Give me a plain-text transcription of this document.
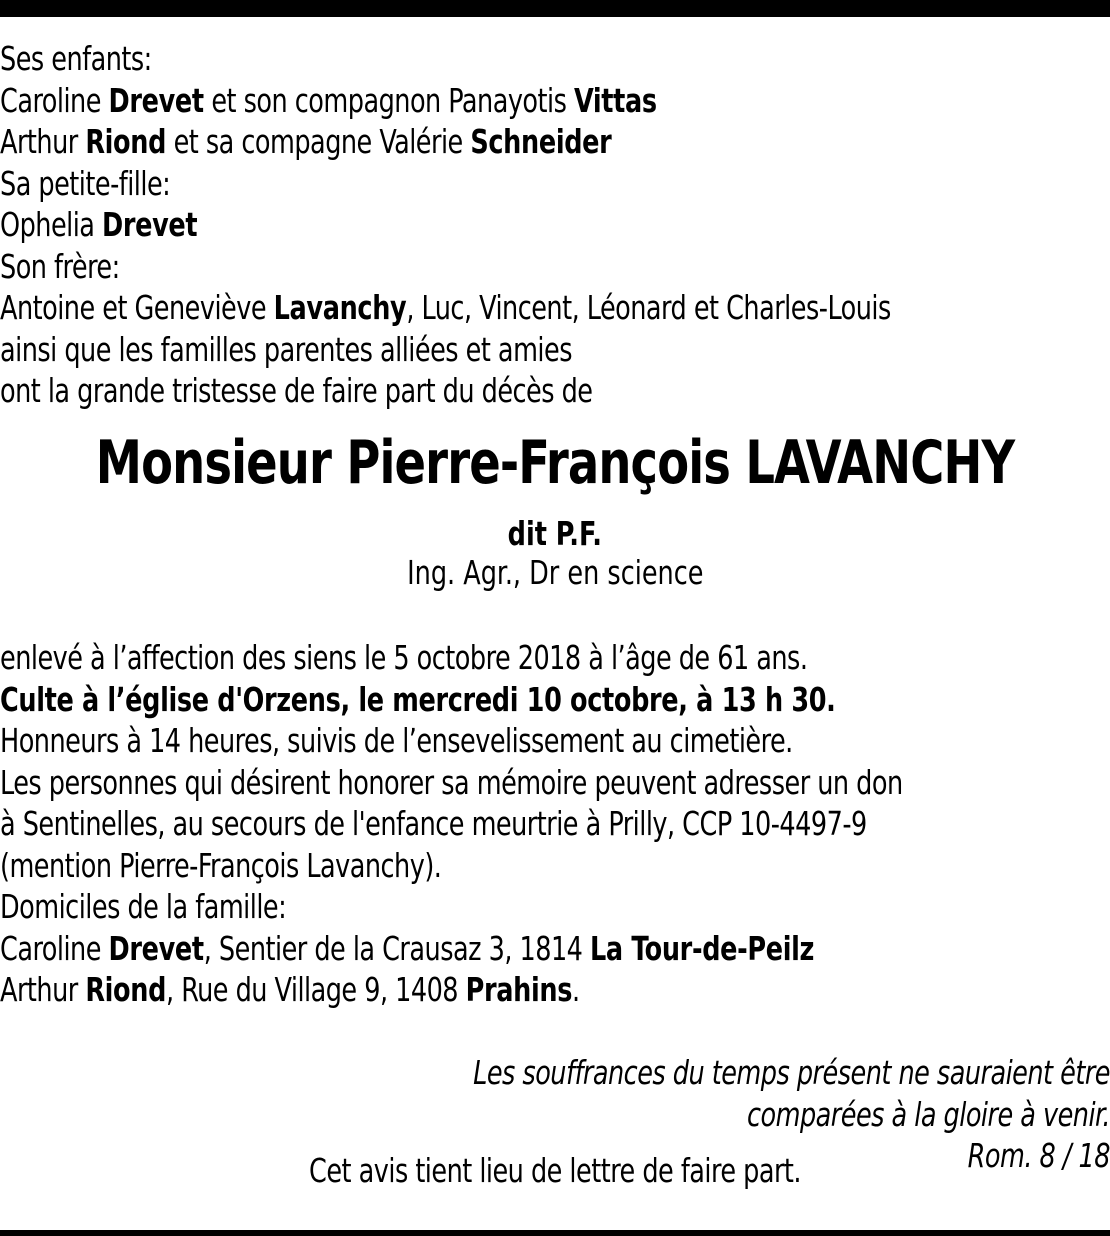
Ses enfants:
Caroline Drevet et son compagnon Panayotis Vittas
Arthur Riond et sa compagne Valérie Schneider
Sa petite-fille:
Ophelia Drevet
Son frère:
Antoine et Geneviève Lavanchy, Luc, Vincent, Léonard et Charles-Louis
ainsi que les familles parentes alliées et amies
ont la grande tristesse de faire part du décès de
Monsieur Pierre-François LAVANCHY
dit P.F.
Ing. Agr., Dr en science
enlevé à l’affection des siens le 5 octobre 2018 à l’âge de 61 ans.
Culte à l’église d'Orzens, le mercredi 10 octobre, à 13 h 30.
Honneurs à 14 heures, suivis de l’ensevelissement au cimetière.
Les personnes qui désirent honorer sa mémoire peuvent adresser un don
à Sentinelles, au secours de l'enfance meurtrie à Prilly, CCP 10-4497-9
(mention Pierre-François Lavanchy).
Domiciles de la famille:
Caroline Drevet, Sentier de la Crausaz 3, 1814 La Tour-de-Peilz
Arthur Riond, Rue du Village 9, 1408 Prahins.
Les souffrances du temps présent ne sauraient être
comparées à la gloire à venir.
Rom. 8 / 18
Cet avis tient lieu de lettre de faire part.
